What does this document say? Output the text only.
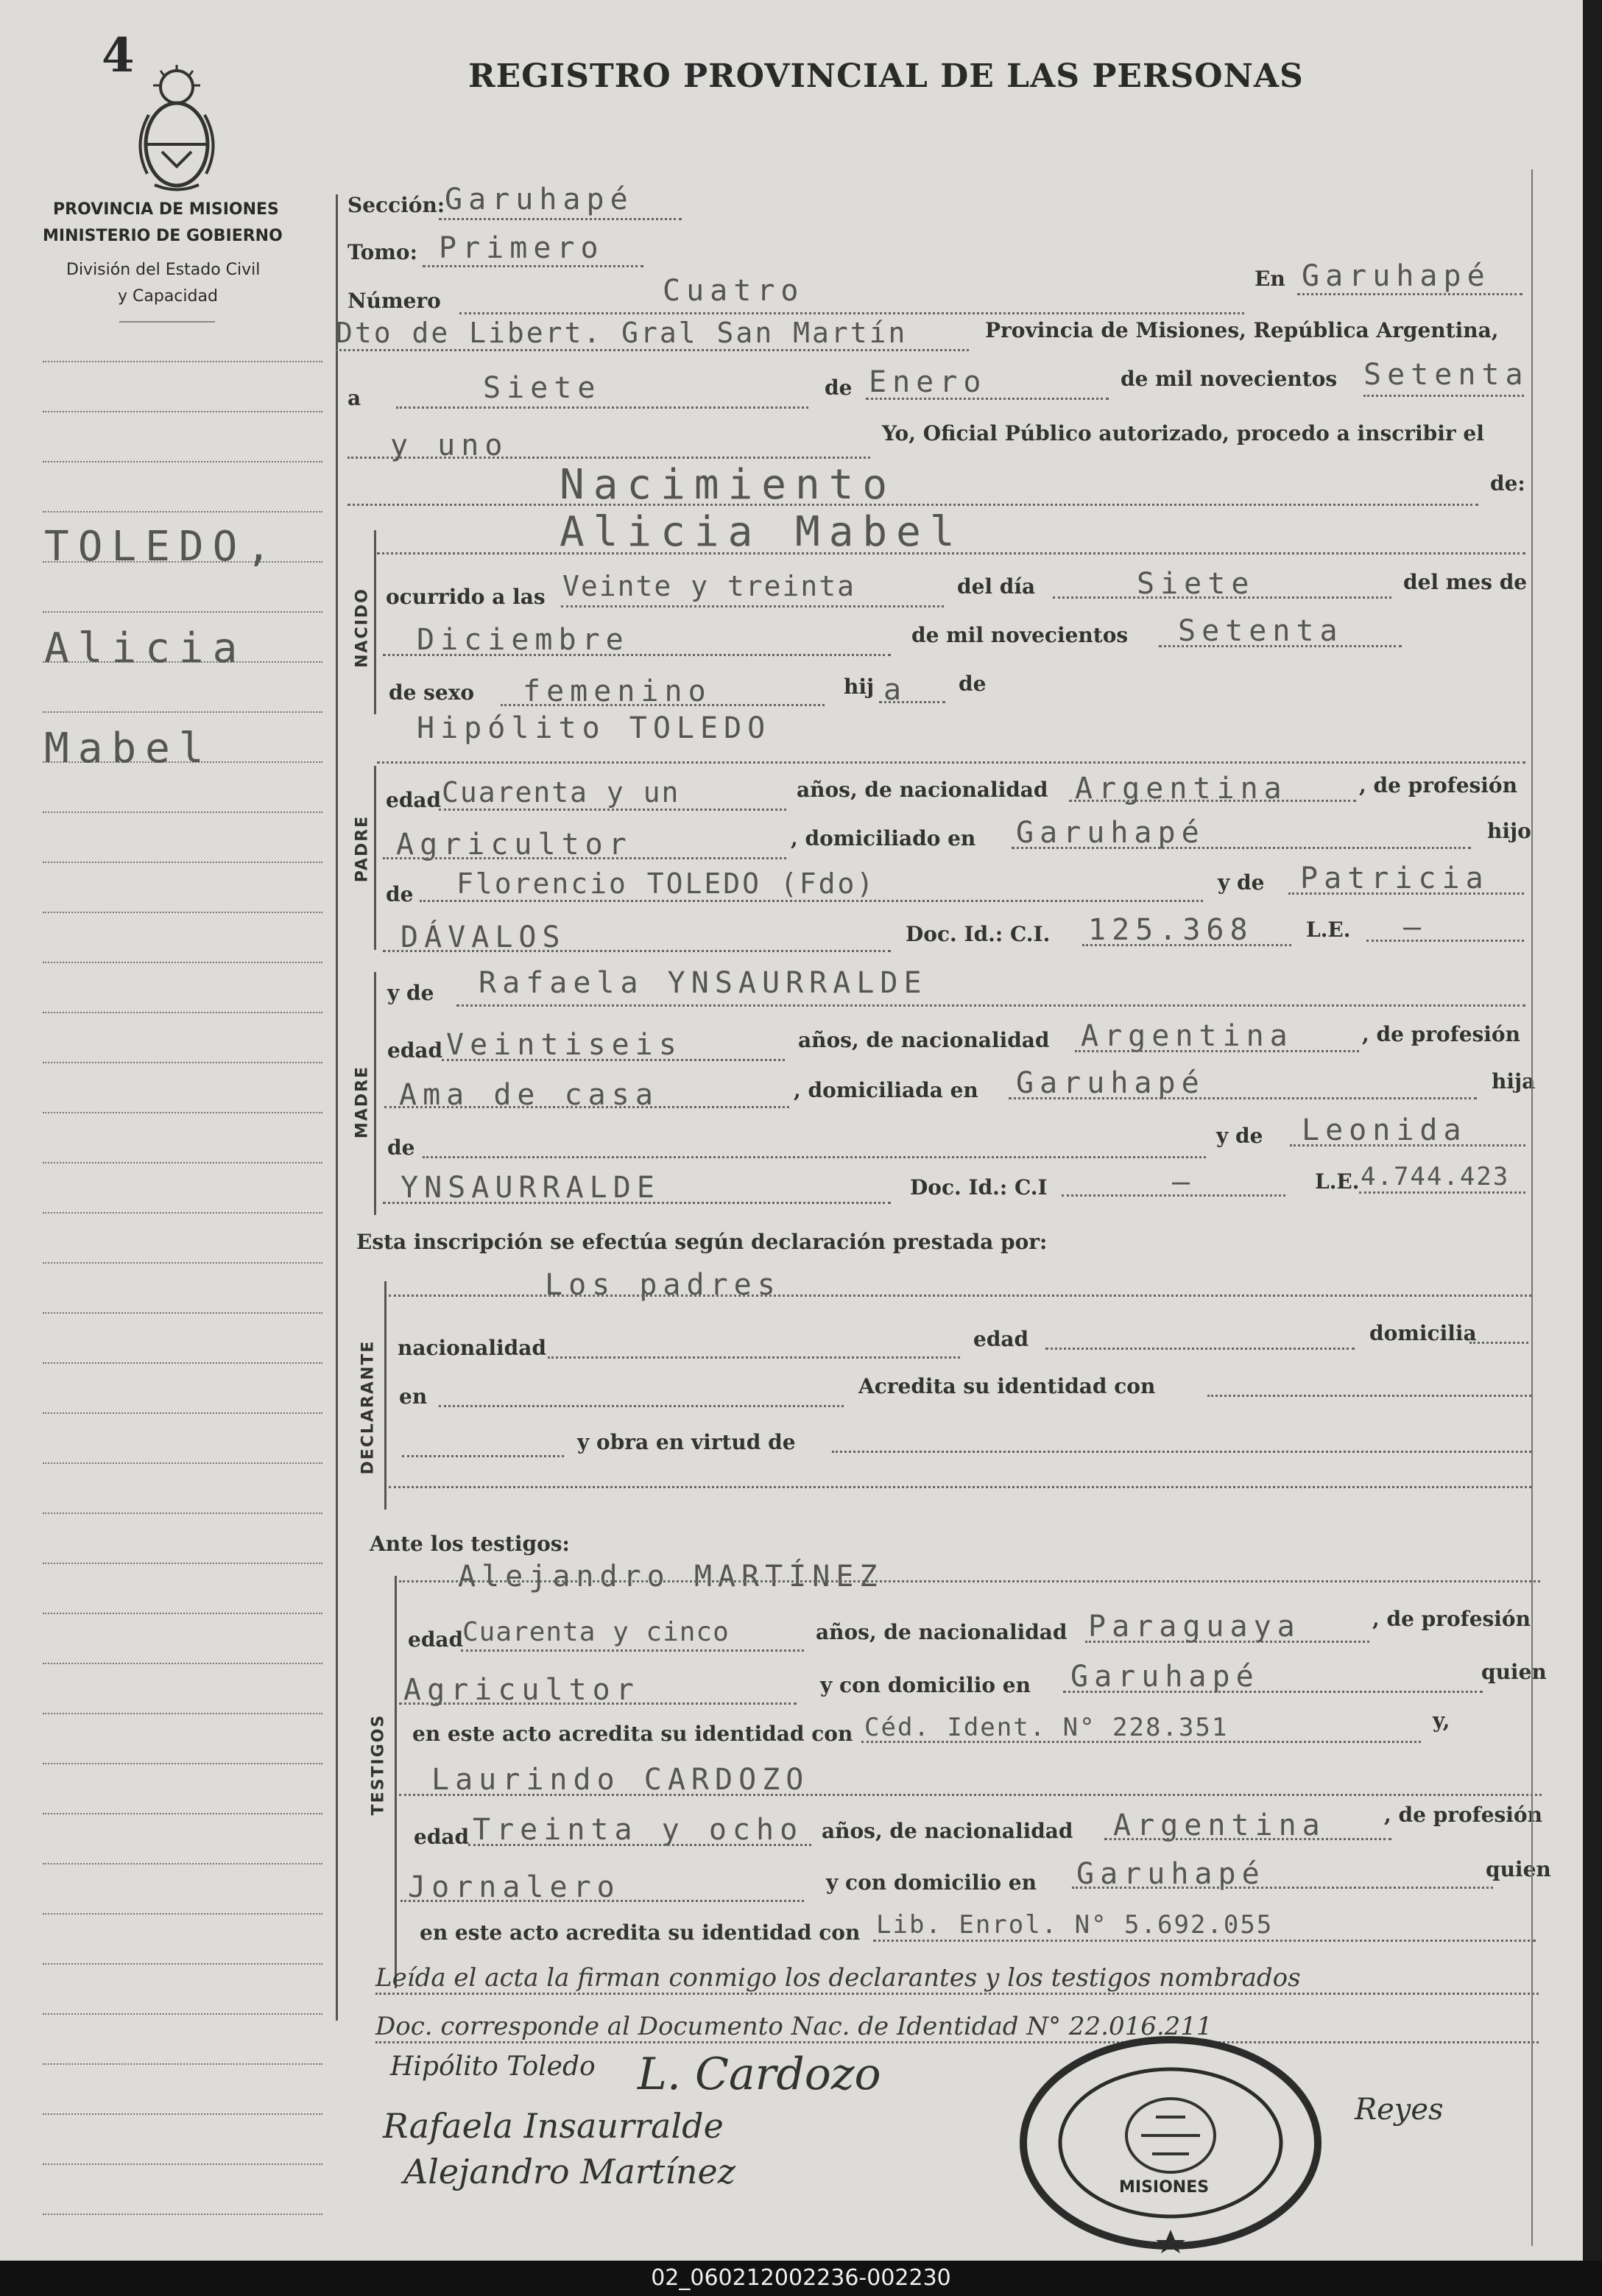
4	REGISTRO PROVINCIAL DE LAS PERSONAS
PROVINCIA DE MISIONES
MINISTERIO DE GOBIERNO
División del Estado Civil
y Capacidad
TOLEDO,
Alicia
Mabel
Sección: Garuhapé
Tomo: Primero
Número	Cuatro	En Garuhapé
Dto de Libert. Gral San Martín	Provincia de Misiones, República Argentina,
a	Siete	de Enero	de mil novecientos Setenta
y uno	Yo, Oficial Público autorizado, procedo a inscribir el
Nacimiento	de:
NACIDO
Alicia Mabel
ocurrido a las Veinte y treinta	del día	Siete	del mes de
Diciembre	de mil novecientos Setenta
de sexo femenino	hij a de
PADRE
Hipólito TOLEDO
edad Cuarenta y un	años, de nacionalidad Argentina	, de profesión
Agricultor	, domiciliado en Garuhapé	hijo
de Florencio TOLEDO (Fdo)	y de Patricia
DÁVALOS	Doc. Id.: C.I. 125.368	L.E. —
MADRE
y de Rafaela YNSAURRALDE
edad Veintiseis	años, de nacionalidad Argentina	, de profesión
Ama de casa	, domiciliada en Garuhapé	hija
de	y de Leonida
YNSAURRALDE	Doc. Id.: C.I	—	L.E. 4.744.423
Esta inscripción se efectúa según declaración prestada por:
DECLARANTE
Los padres
nacionalidad	edad	domicilia
en	Acredita su identidad con
y obra en virtud de
Ante los testigos:
TESTIGOS
Alejandro MARTÍNEZ
edad
Cuarenta y cinco	años, de nacionalidad Paraguaya	, de profesión
Agricultor	y con domicilio en Garuhapé	quien
en este acto acredita su identidad con Céd. Ident. N° 228.351	y,
Laurindo CARDOZO
edad Treinta y ocho años, de nacionalidad Argentina	, de profesión
Jornalero	y con domicilio en Garuhapé	quien
en este acto acredita su identidad con Lib. Enrol. N° 5.692.055
Leída el acta la firman conmigo los declarantes y los testigos nombrados
Doc. corresponde al Documento Nac. de Identidad N° 22.016.211
Hipólito Toledo L. Cardozo
Rafaela Insaurralde
Alejandro Martínez
Reyes
MISIONES
02_060212002236-002230
